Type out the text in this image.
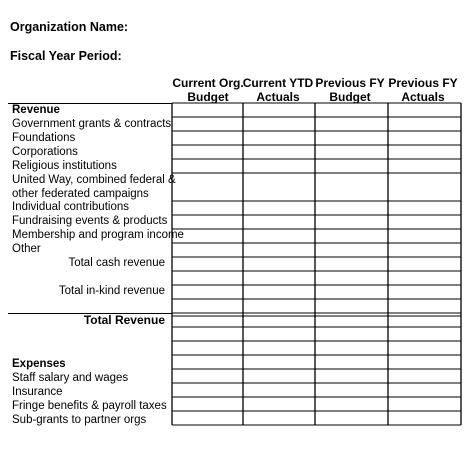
Organization Name:
Fiscal Year Period:
Current Org.
Budget
Current YTD
Actuals
Previous FY
Budget
Previous FY
Actuals
Revenue
Government grants & contracts
Foundations
Corporations
Religious institutions
United Way, combined federal &
other federated campaigns
Individual contributions
Fundraising events & products
Membership and program income
Other
Total cash revenue
Total in-kind revenue
Total Revenue
Expenses
Staff salary and wages
Insurance
Fringe benefits & payroll taxes
Sub-grants to partner orgs
